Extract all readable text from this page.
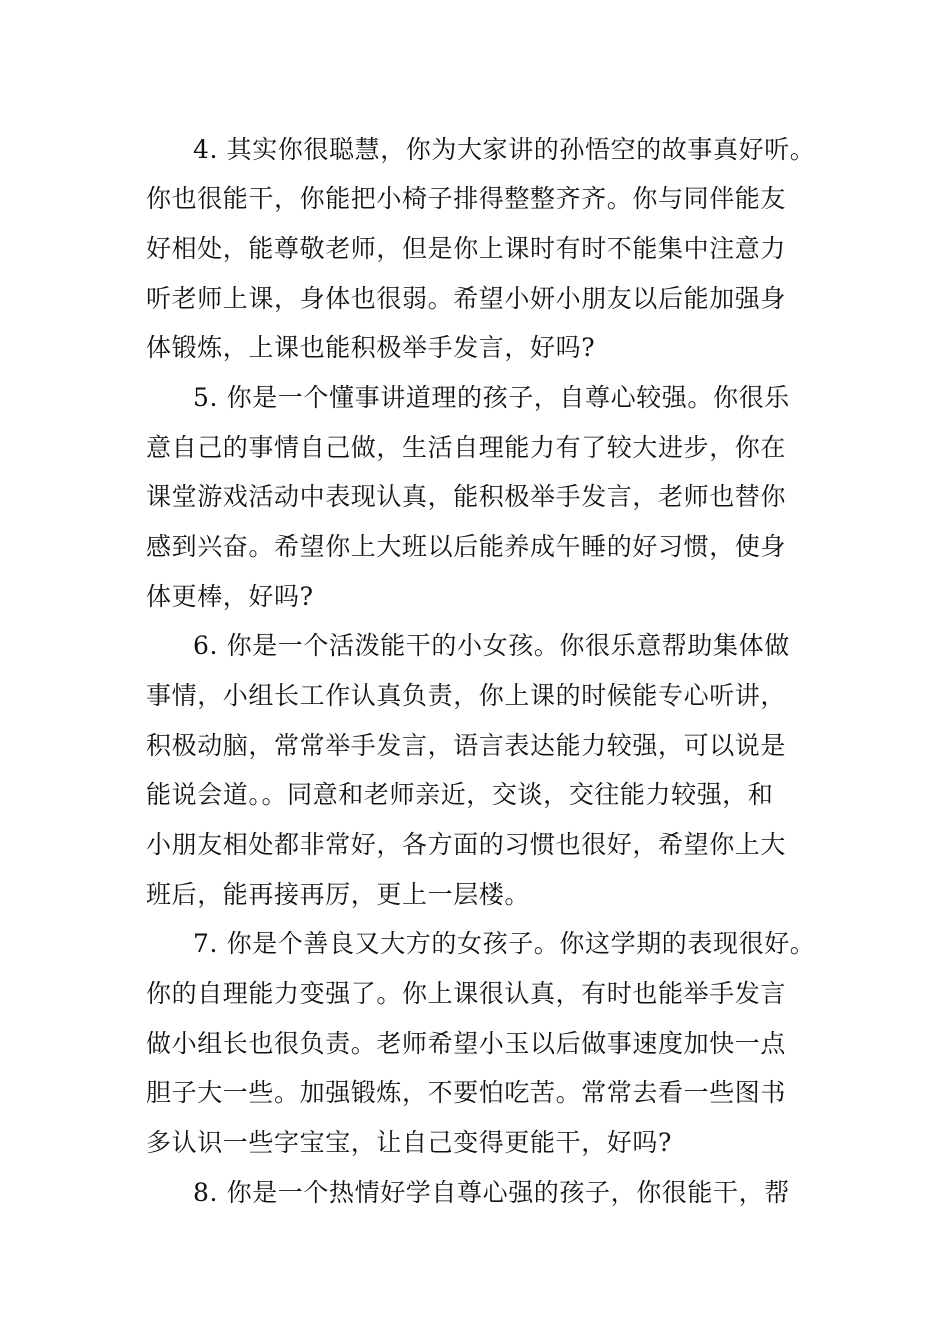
4. 其实你很聪慧，你为大家讲的孙悟空的故事真好听。
你也很能干，你能把小椅子排得整整齐齐。你与同伴能友
好相处，能尊敬老师，但是你上课时有时不能集中注意力
听老师上课，身体也很弱。希望小妍小朋友以后能加强身
体锻炼，上课也能积极举手发言，好吗?
5. 你是一个懂事讲道理的孩子，自尊心较强。你很乐
意自己的事情自己做，生活自理能力有了较大进步，你在
课堂游戏活动中表现认真，能积极举手发言，老师也替你
感到兴奋。希望你上大班以后能养成午睡的好习惯，使身
体更棒，好吗?
6. 你是一个活泼能干的小女孩。你很乐意帮助集体做
事情，小组长工作认真负责，你上课的时候能专心听讲，
积极动脑，常常举手发言，语言表达能力较强，可以说是
能说会道。。同意和老师亲近，交谈，交往能力较强，和
小朋友相处都非常好，各方面的习惯也很好，希望你上大
班后，能再接再厉，更上一层楼。
7. 你是个善良又大方的女孩子。你这学期的表现很好。
你的自理能力变强了。你上课很认真，有时也能举手发言
做小组长也很负责。老师希望小玉以后做事速度加快一点
胆子大一些。加强锻炼，不要怕吃苦。常常去看一些图书
多认识一些字宝宝，让自己变得更能干，好吗?
8. 你是一个热情好学自尊心强的孩子，你很能干，帮
